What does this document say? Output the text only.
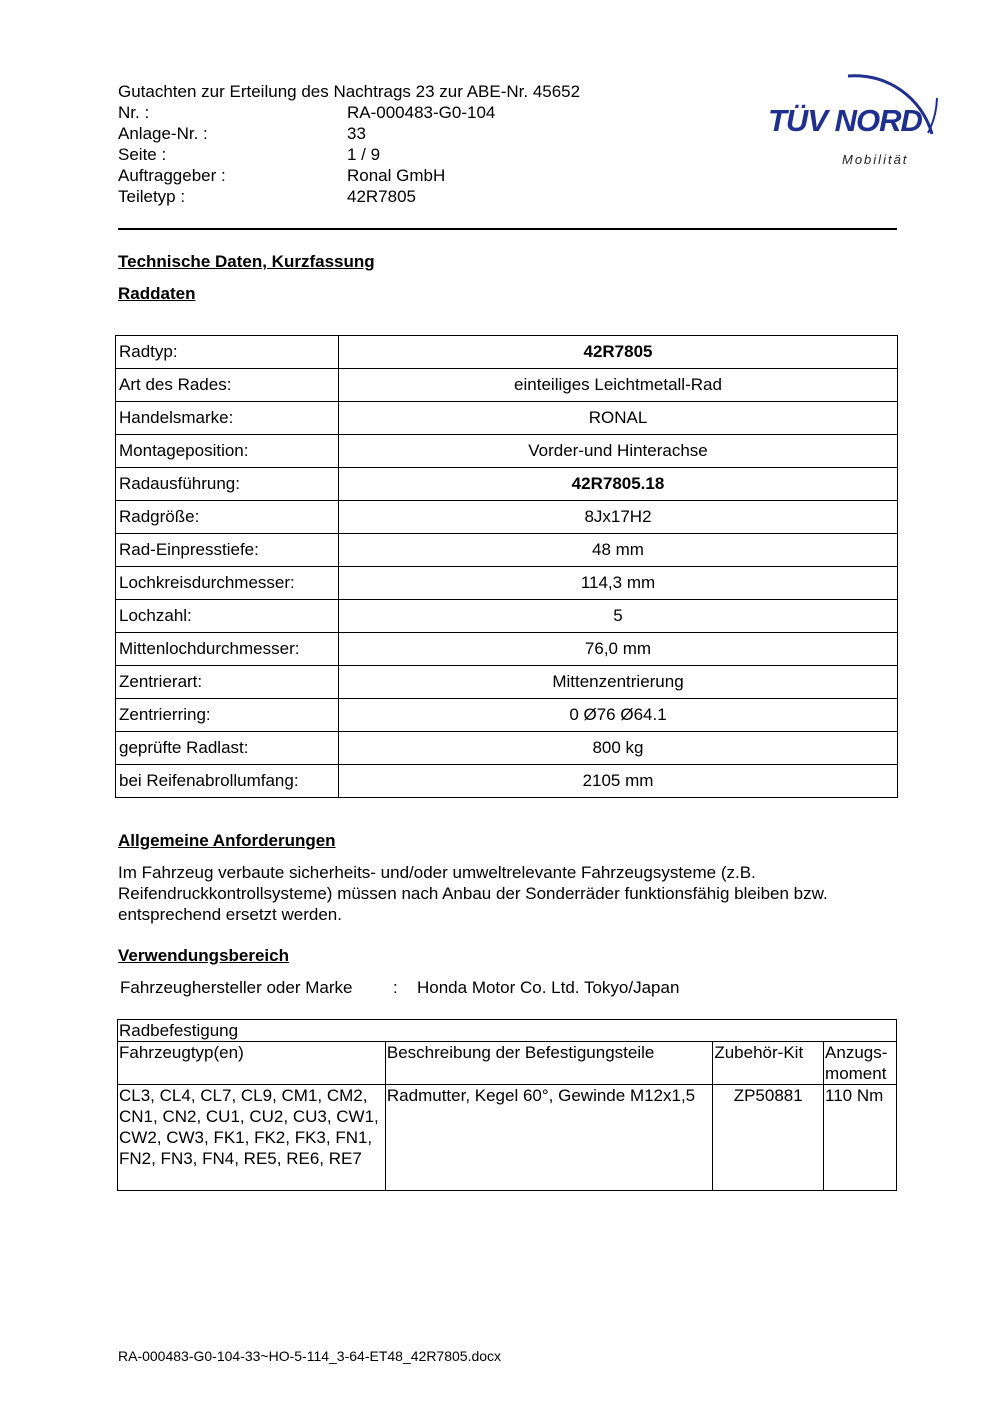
Gutachten zur Erteilung des Nachtrags 23 zur ABE-Nr. 45652
Nr. :	RA-000483-G0-104
Anlage-Nr. :	33
Seite :	1 / 9
Auftraggeber :	Ronal GmbH
Teiletyp :	42R7805
TÜV NORD
Mobilität
Technische Daten, Kurzfassung
Raddaten
Radtyp:	42R7805
Art des Rades:	einteiliges Leichtmetall-Rad
Handelsmarke:	RONAL
Montageposition:	Vorder-und Hinterachse
Radausführung:	42R7805.18
Radgröße:	8Jx17H2
Rad-Einpresstiefe:	48 mm
Lochkreisdurchmesser:	114,3 mm
Lochzahl:	5
Mittenlochdurchmesser:	76,0 mm
Zentrierart:	Mittenzentrierung
Zentrierring:	0 Ø76 Ø64.1
geprüfte Radlast:	800 kg
bei Reifenabrollumfang:	2105 mm
Allgemeine Anforderungen
Im Fahrzeug verbaute sicherheits- und/oder umweltrelevante Fahrzeugsysteme (z.B. Reifendruckkontrollsysteme) müssen nach Anbau der Sonderräder funktionsfähig bleiben bzw. entsprechend ersetzt werden.
Verwendungsbereich
Fahrzeughersteller oder Marke : Honda Motor Co. Ltd. Tokyo/Japan
Radbefestigung			
Fahrzeugtyp(en)	Beschreibung der Befestigungsteile	Zubehör-Kit	Anzugs-moment
CL3, CL4, CL7, CL9, CM1, CM2, CN1, CN2, CU1, CU2, CU3, CW1, CW2, CW3, FK1, FK2, FK3, FN1, FN2, FN3, FN4, RE5, RE6, RE7	Radmutter, Kegel 60°, Gewinde M12x1,5	ZP50881	110 Nm
RA-000483-G0-104-33~HO-5-114_3-64-ET48_42R7805.docx
